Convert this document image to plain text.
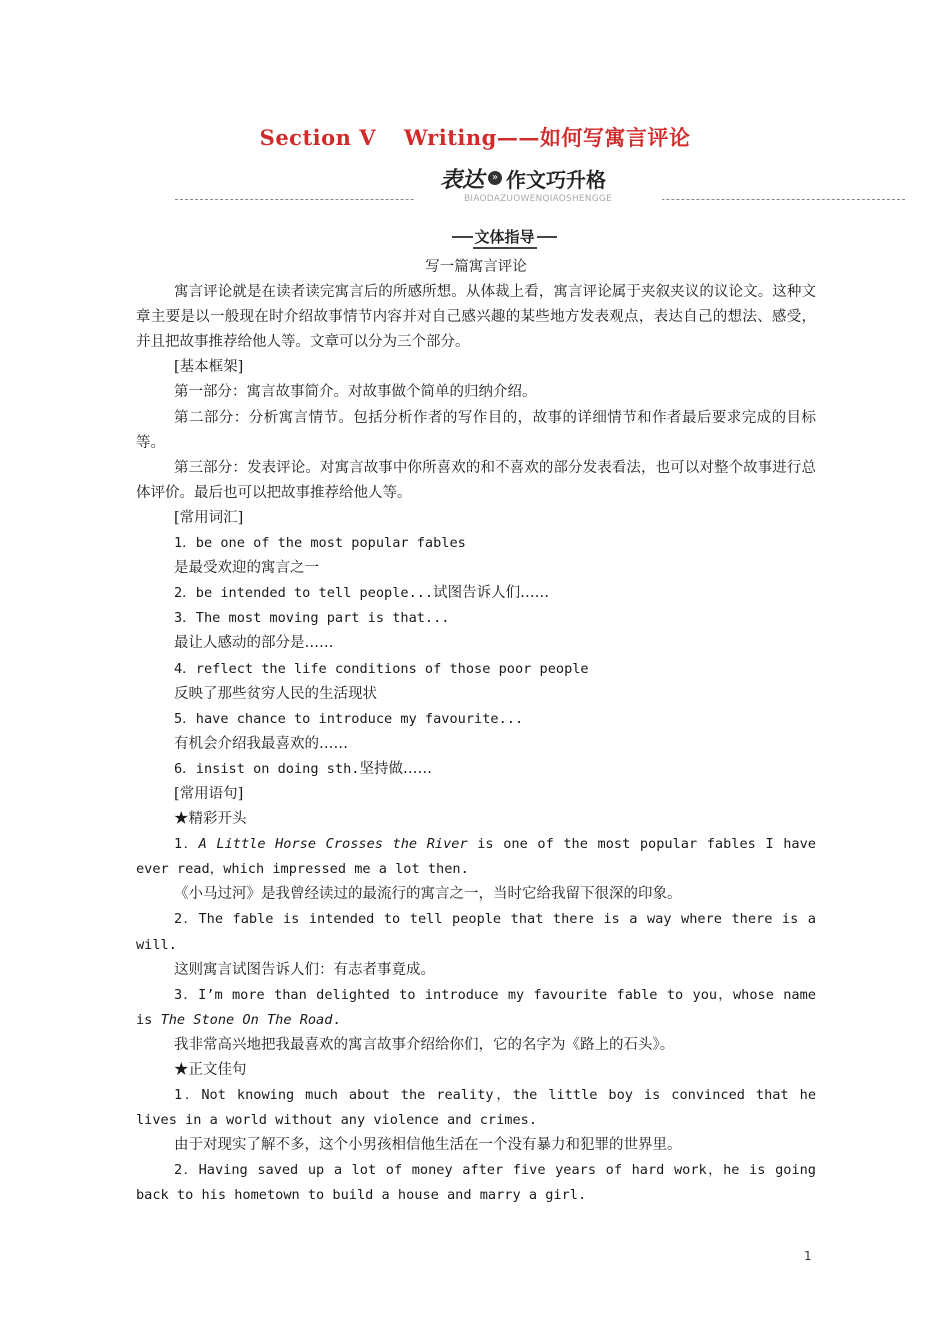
Section Ⅴ Writing——如何写寓言评论
表达 » 作文巧升格
BIAODAZUOWENQIAOSHENGGE
文体指导

写一篇寓言评论

寓言评论就是在读者读完寓言后的所感所想。从体裁上看，寓言评论属于夹叙夹议的议论文。这种文章主要是以一般现在时介绍故事情节内容并对自己感兴趣的某些地方发表观点，表达自己的想法、感受，并且把故事推荐给他人等。文章可以分为三个部分。

[基本框架]

第一部分：寓言故事简介。对故事做个简单的归纳介绍。

第二部分：分析寓言情节。包括分析作者的写作目的，故事的详细情节和作者最后要求完成的目标等。

第三部分：发表评论。对寓言故事中你所喜欢的和不喜欢的部分发表看法，也可以对整个故事进行总体评价。最后也可以把故事推荐给他人等。

[常用词汇]

1．be one of the most popular fables

是最受欢迎的寓言之一

2．be intended to tell people...试图告诉人们……

3．The most moving part is that...

最让人感动的部分是……

4．reflect the life conditions of those poor people

反映了那些贫穷人民的生活现状

5．have chance to introduce my favourite...

有机会介绍我最喜欢的……

6．insist on doing sth.坚持做……

[常用语句]

★精彩开头

1．A Little Horse Crosses the River is one of the most popular fables I have ever read，which impressed me a lot then.

《小马过河》是我曾经读过的最流行的寓言之一，当时它给我留下很深的印象。

2．The fable is intended to tell people that there is a way where there is a will.

这则寓言试图告诉人们：有志者事竟成。

3．I’m more than delighted to introduce my favourite fable to you，whose name is The Stone On The Road.

我非常高兴地把我最喜欢的寓言故事介绍给你们，它的名字为《路上的石头》。

★正文佳句

1．Not knowing much about the reality，the little boy is convinced that he lives in a world without any violence and crimes.

由于对现实了解不多，这个小男孩相信他生活在一个没有暴力和犯罪的世界里。

2．Having saved up a lot of money after five years of hard work，he is going back to his hometown to build a house and marry a girl.

1
